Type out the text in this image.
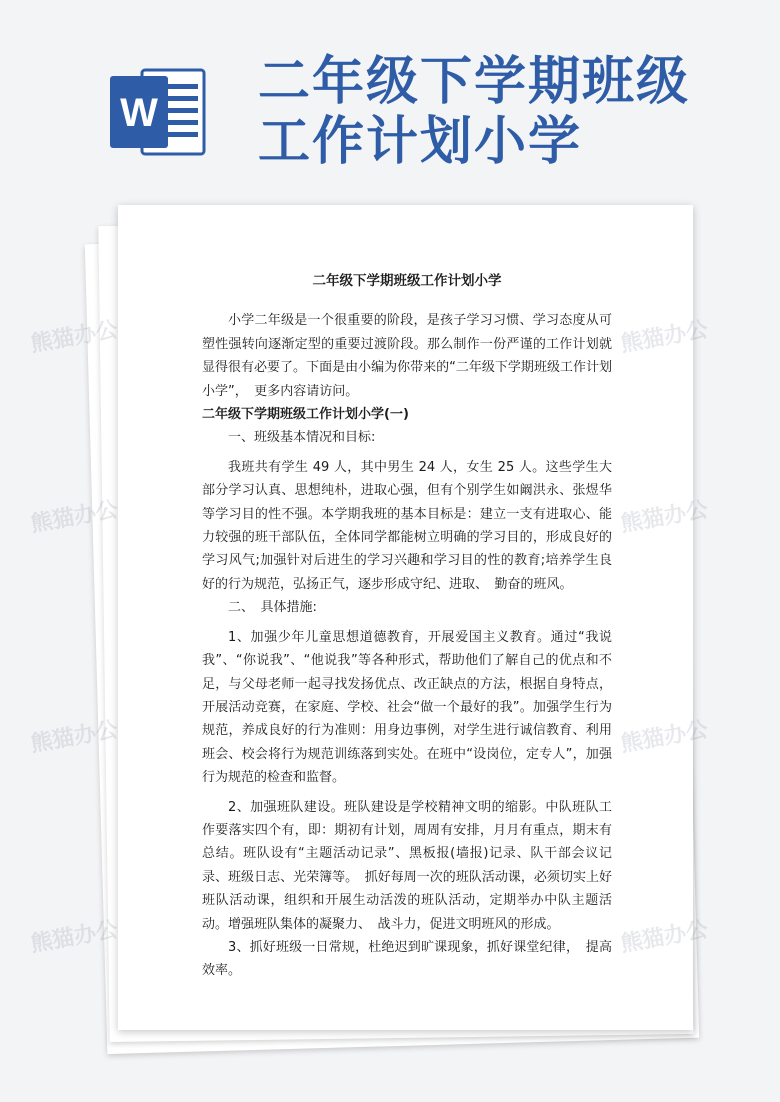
W
二年级下学期班级
工作计划小学
熊猫办公
熊猫办公
熊猫办公
熊猫办公
二年级下学期班级工作计划小学

小学二年级是一个很重要的阶段，是孩子学习习惯、学习态度从可塑性强转向逐渐定型的重要过渡阶段。那么制作一份严谨的工作计划就显得很有必要了。下面是由小编为你带来的“二年级下学期班级工作计划小学”，　更多内容请访问。

二年级下学期班级工作计划小学(一)

一、班级基本情况和目标:

我班共有学生 49 人，其中男生 24 人，女生 25 人。这些学生大部分学习认真、思想纯朴，进取心强，但有个别学生如阚洪永、张煜华等学习目的性不强。本学期我班的基本目标是：建立一支有进取心、能力较强的班干部队伍，全体同学都能树立明确的学习目的，形成良好的学习风气;加强针对后进生的学习兴趣和学习目的性的教育;培养学生良好的行为规范，弘扬正气，逐步形成守纪、进取、　勤奋的班风。

二、　具体措施:

1、加强少年儿童思想道德教育，开展爱国主义教育。通过“我说我”、“你说我”、“他说我”等各种形式，帮助他们了解自己的优点和不足，与父母老师一起寻找发扬优点、改正缺点的方法，根据自身特点，开展活动竞赛，在家庭、学校、社会“做一个最好的我”。加强学生行为规范，养成良好的行为准则：用身边事例，对学生进行诚信教育、利用班会、校会将行为规范训练落到实处。在班中“设岗位，定专人”，加强行为规范的检查和监督。

2、加强班队建设。班队建设是学校精神文明的缩影。中队班队工作要落实四个有，即：期初有计划，周周有安排，月月有重点，期末有总结。班队设有“主题活动记录”、黑板报(墙报)记录、队干部会议记录、班级日志、光荣簿等。　抓好每周一次的班队活动课，必须切实上好班队活动课，组织和开展生动活泼的班队活动，定期举办中队主题活动。增强班队集体的凝聚力、　战斗力，促进文明班风的形成。

3、抓好班级一日常规，杜绝迟到旷课现象，抓好课堂纪律，　提高效率。
